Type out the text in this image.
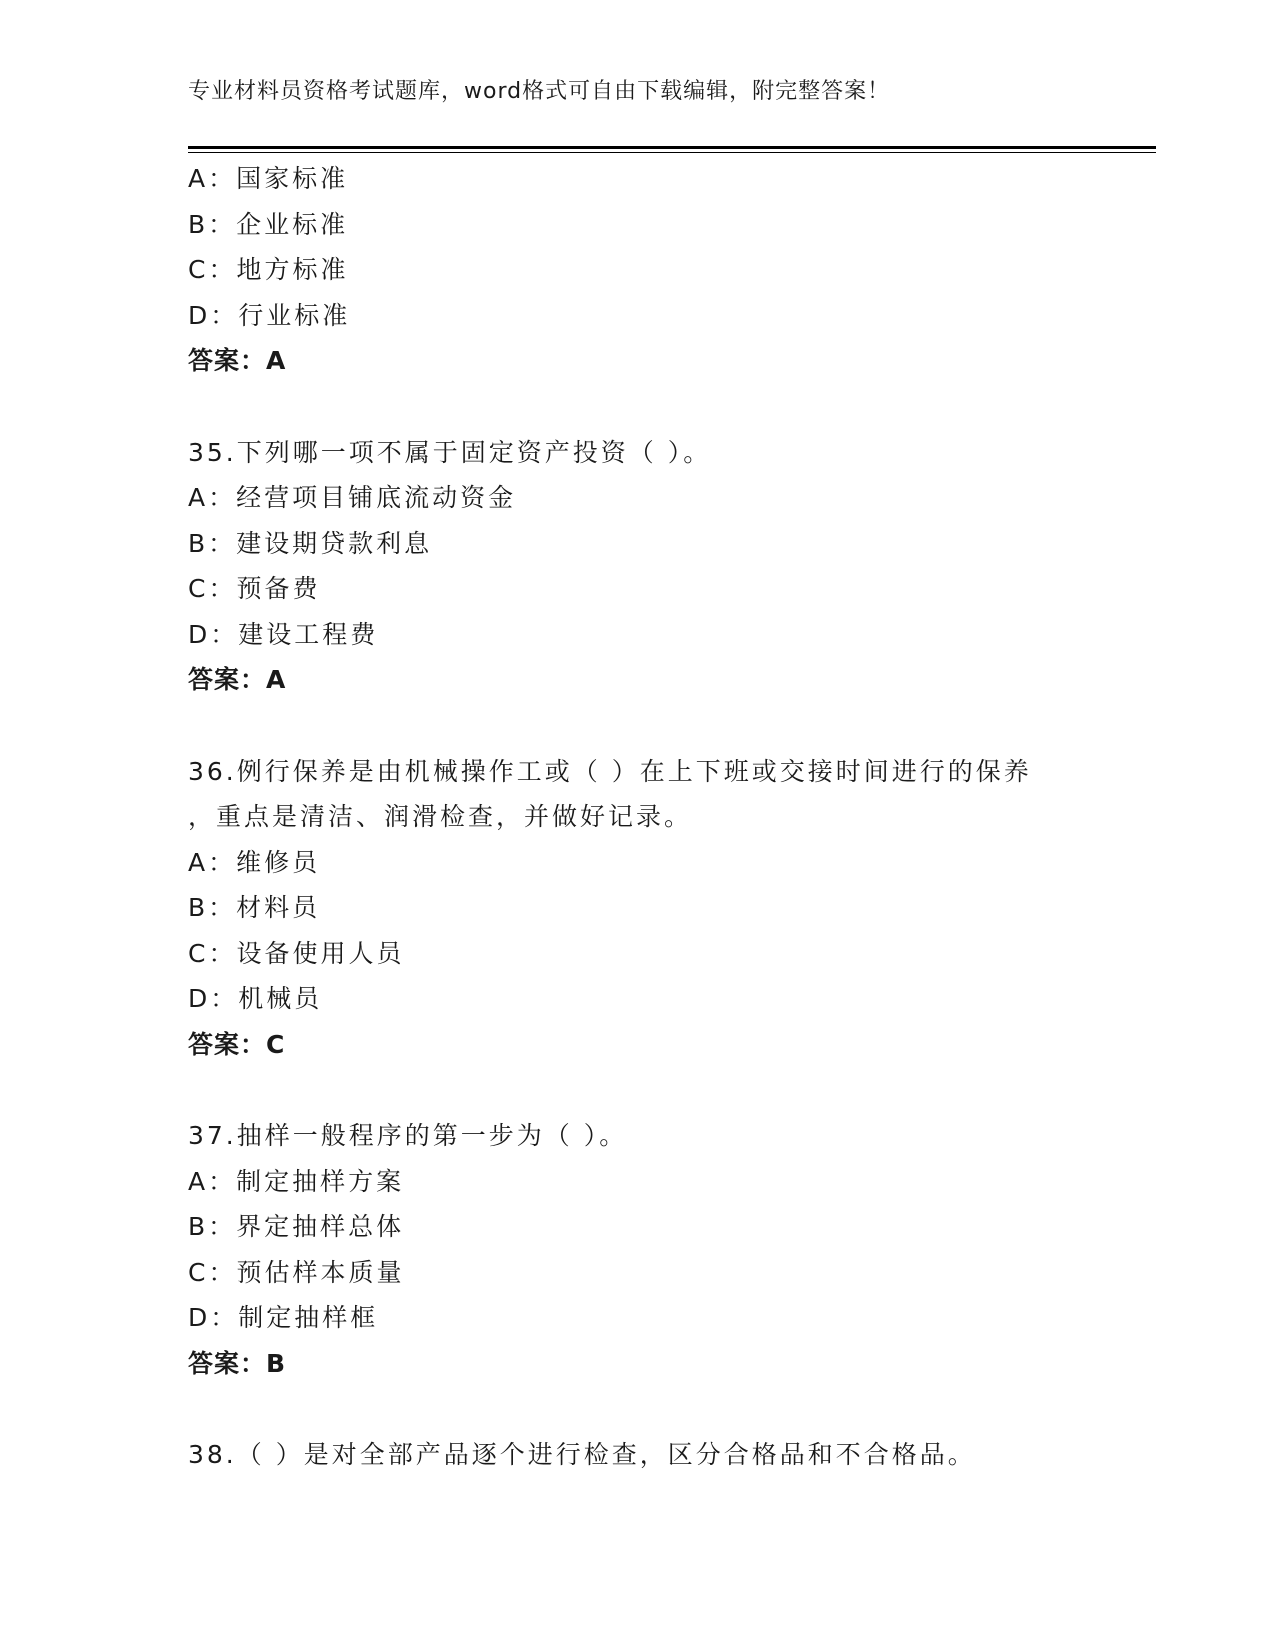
专业材料员资格考试题库，word格式可自由下载编辑，附完整答案！
A：国家标准
B：企业标准
C：地方标准
D：行业标准
答案：A
35.下列哪一项不属于固定资产投资（ ）。
A：经营项目铺底流动资金
B：建设期贷款利息
C：预备费
D：建设工程费
答案：A
36.例行保养是由机械操作工或（ ）在上下班或交接时间进行的保养
，重点是清洁、润滑检查，并做好记录。
A：维修员
B：材料员
C：设备使用人员
D：机械员
答案：C
37.抽样一般程序的第一步为（ ）。
A：制定抽样方案
B：界定抽样总体
C：预估样本质量
D：制定抽样框
答案：B
38.（ ）是对全部产品逐个进行检查，区分合格品和不合格品。
